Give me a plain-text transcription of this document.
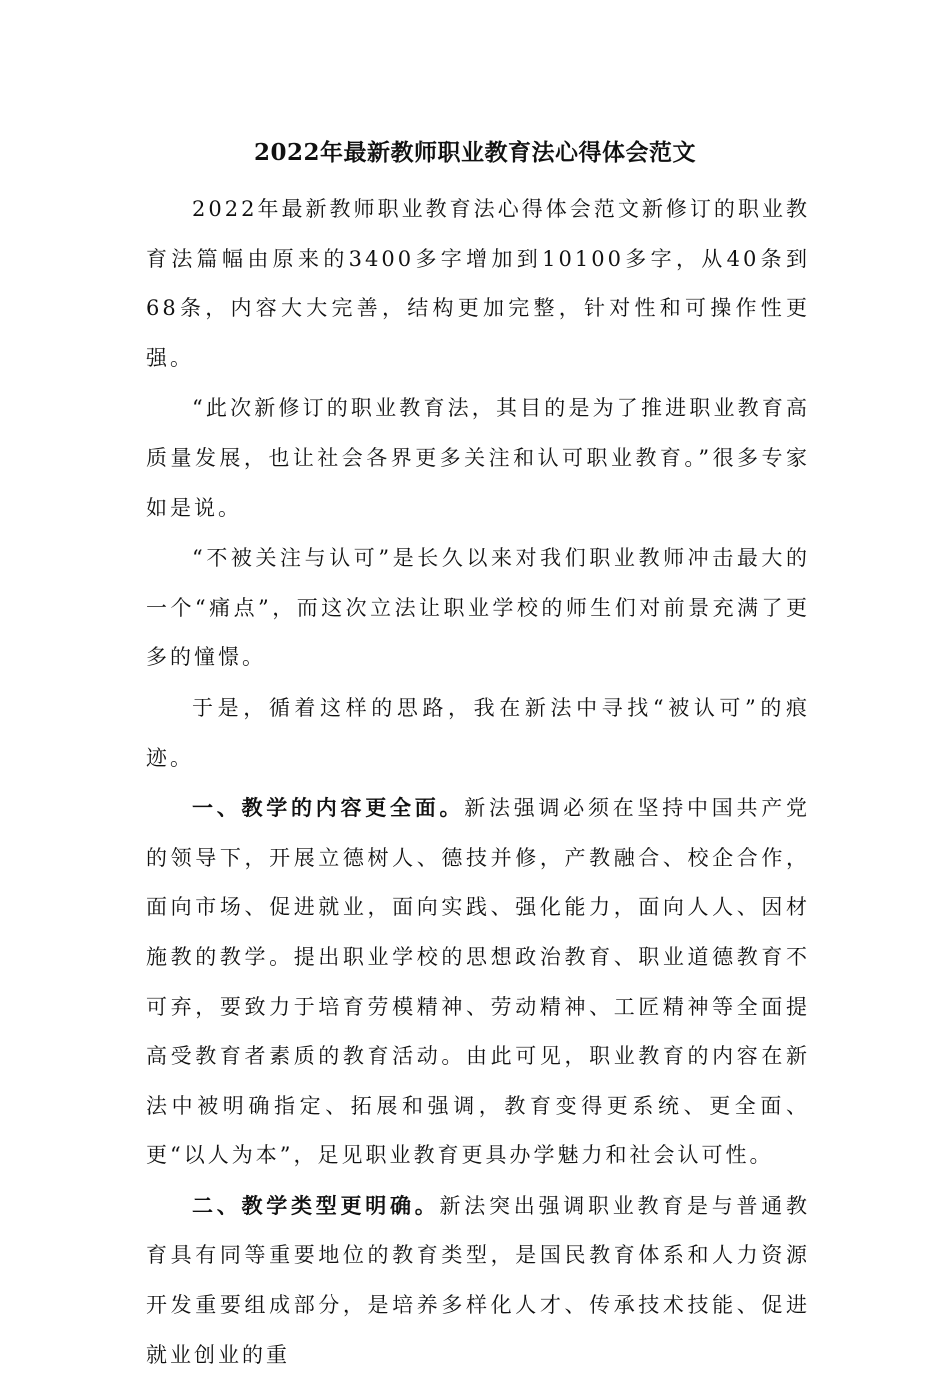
2022年最新教师职业教育法心得体会范文

2022年最新教师职业教育法心得体会范文新修订的职业教育法篇幅由原来的3400多字增加到10100多字，从40条到68条，内容大大完善，结构更加完整，针对性和可操作性更强。

“此次新修订的职业教育法，其目的是为了推进职业教育高质量发展，也让社会各界更多关注和认可职业教育。”很多专家如是说。

“不被关注与认可”是长久以来对我们职业教师冲击最大的一个“痛点”，而这次立法让职业学校的师生们对前景充满了更多的憧憬。

于是，循着这样的思路，我在新法中寻找“被认可”的痕迹。

一、教学的内容更全面。新法强调必须在坚持中国共产党的领导下，开展立德树人、德技并修，产教融合、校企合作，面向市场、促进就业，面向实践、强化能力，面向人人、因材施教的教学。提出职业学校的思想政治教育、职业道德教育不可弃，要致力于培育劳模精神、劳动精神、工匠精神等全面提高受教育者素质的教育活动。由此可见，职业教育的内容在新法中被明确指定、拓展和强调，教育变得更系统、更全面、更“以人为本”，足见职业教育更具办学魅力和社会认可性。

二、教学类型更明确。新法突出强调职业教育是与普通教育具有同等重要地位的教育类型，是国民教育体系和人力资源开发重要组成部分，是培养多样化人才、传承技术技能、促进就业创业的重
